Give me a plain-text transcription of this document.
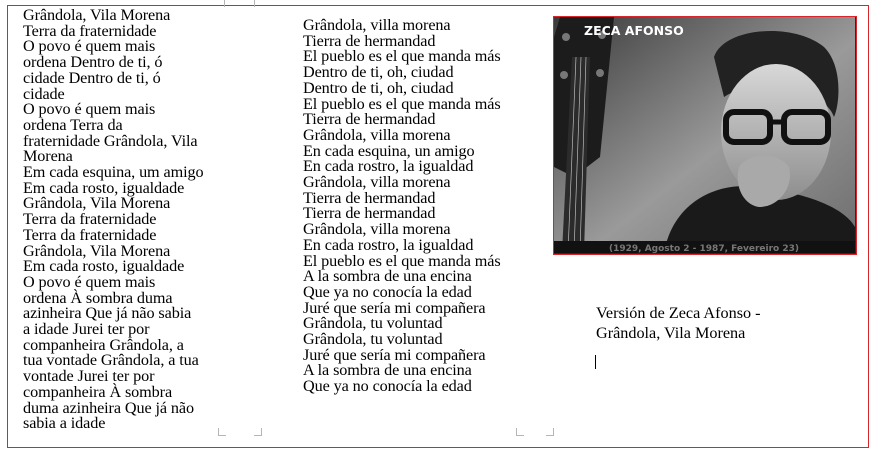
Grândola, Vila Morena
Terra da fraternidade
O povo é quem mais
ordena Dentro de ti, ó
cidade Dentro de ti, ó
cidade
O povo é quem mais
ordena Terra da
fraternidade Grândola, Vila
Morena
Em cada esquina, um amigo
Em cada rosto, igualdade
Grândola, Vila Morena
Terra da fraternidade
Terra da fraternidade
Grândola, Vila Morena
Em cada rosto, igualdade
O povo é quem mais
ordena À sombra duma
azinheira Que já não sabia
a idade Jurei ter por
companheira Grândola, a
tua vontade Grândola, a tua
vontade Jurei ter por
companheira À sombra
duma azinheira Que já não
sabia a idade
Grândola, villa morena
Tierra de hermandad
El pueblo es el que manda más
Dentro de ti, oh, ciudad
Dentro de ti, oh, ciudad
El pueblo es el que manda más
Tierra de hermandad
Grândola, villa morena
En cada esquina, un amigo
En cada rostro, la igualdad
Grândola, villa morena
Tierra de hermandad
Tierra de hermandad
Grândola, villa morena
En cada rostro, la igualdad
El pueblo es el que manda más
A la sombra de una encina
Que ya no conocía la edad
Juré que sería mi compañera
Grândola, tu voluntad
Grândola, tu voluntad
Juré que sería mi compañera
A la sombra de una encina
Que ya no conocía la edad
ZECA AFONSO
(1929, Agosto 2 - 1987, Fevereiro 23)
Versión de Zeca Afonso -
Grândola, Vila Morena
